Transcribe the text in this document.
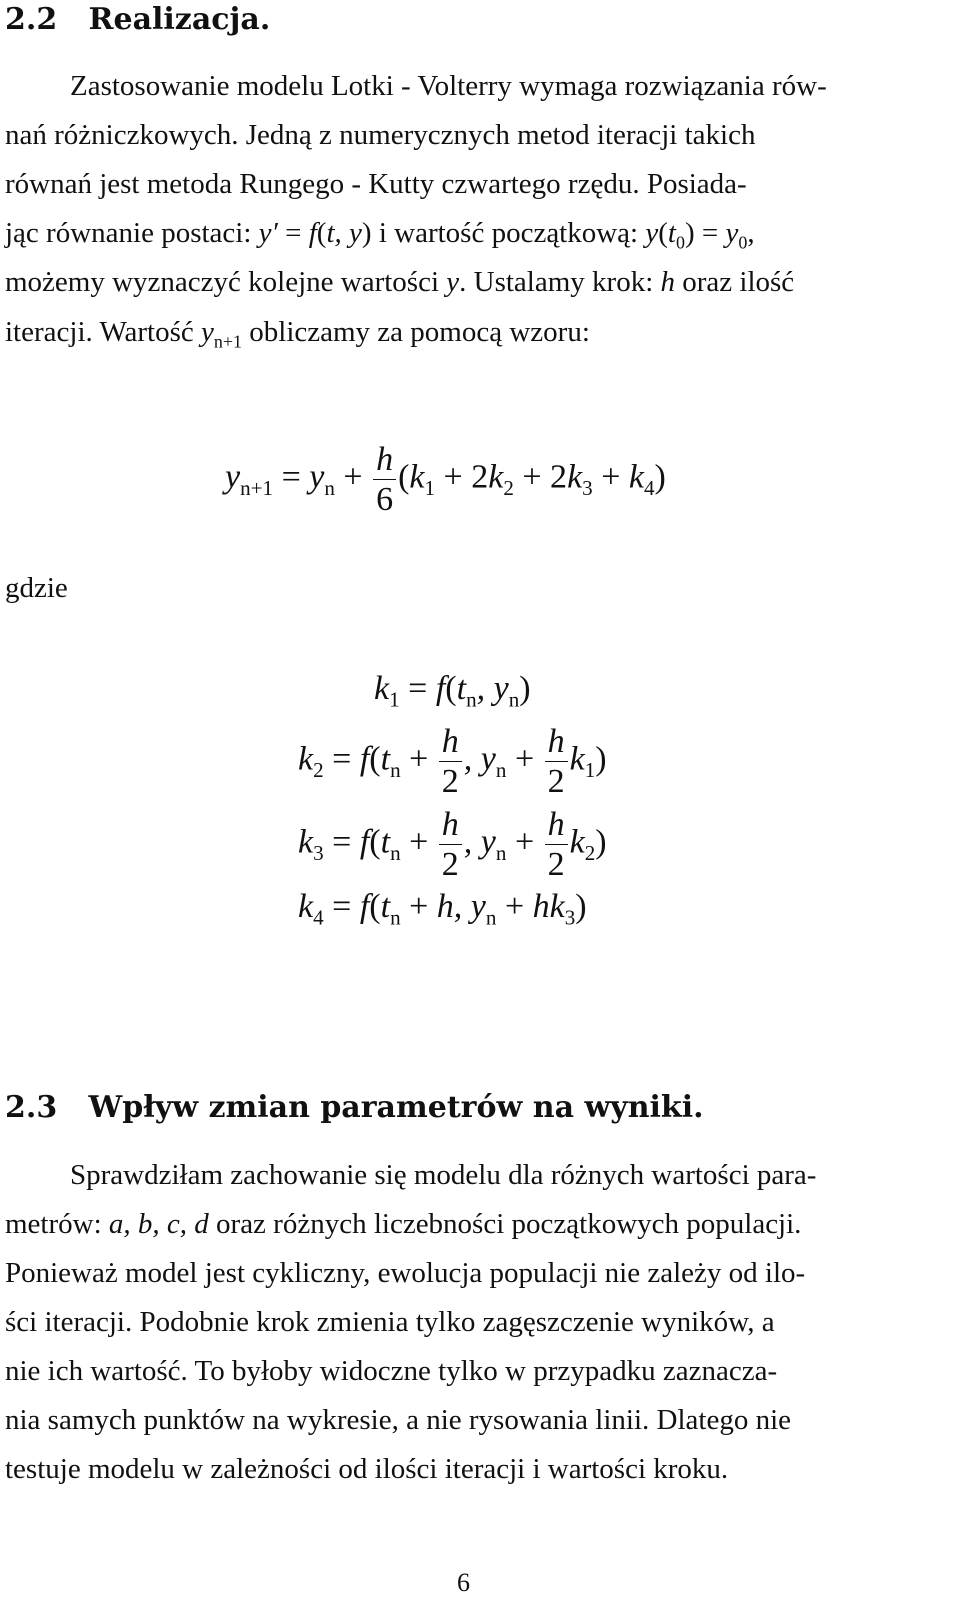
2.2 Realizacja.
Zastosowanie modelu Lotki - Volterry wymaga rozwiązania rów-
nań różniczkowych. Jedną z numerycznych metod iteracji takich
równań jest metoda Rungego - Kutty czwartego rzędu. Posiada-
jąc równanie postaci: y′ = f(t, y) i wartość początkową: $y(t_0) = y_0$,
możemy wyznaczyć kolejne wartości y. Ustalamy krok: h oraz ilość
iteracji. Wartość $y_{n+1}$ obliczamy za pomocą wzoru:
$y_{n+1} = y_n + \frac{h}{6} (k_1 + 2k_2 + 2k_3 + k_4)$
gdzie
$k_1 = f(t_n$, $y_n$)
$k_2 = f(t_n + \frac{h}{2}$ , $y_n + \frac{h}{2} k_1$)
$k_3 = f(t_n + \frac{h}{2}$ , $y_n + \frac{h}{2} k_2$)
$k_4 = f(t_n + h$, $y_n + hk_3$)
2.3 Wpływ zmian parametrów na wyniki.
Sprawdziłam zachowanie się modelu dla różnych wartości para-
metrów: a, b, c, d oraz różnych liczebności początkowych populacji.
Ponieważ model jest cykliczny, ewolucja populacji nie zależy od ilo-
ści iteracji. Podobnie krok zmienia tylko zagęszczenie wyników, a
nie ich wartość. To byłoby widoczne tylko w przypadku zaznacza-
nia samych punktów na wykresie, a nie rysowania linii. Dlatego nie
testuje modelu w zależności od ilości iteracji i wartości kroku.
6
